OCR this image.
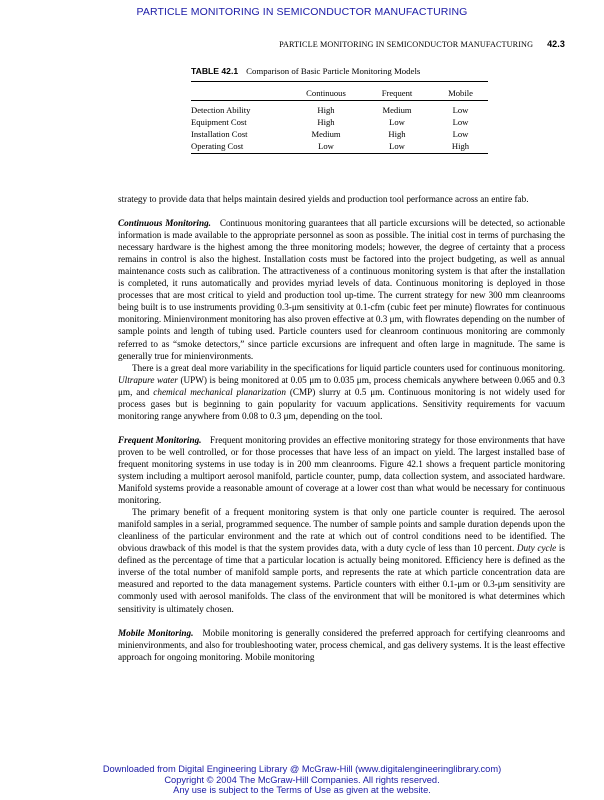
PARTICLE MONITORING IN SEMICONDUCTOR MANUFACTURING
PARTICLE MONITORING IN SEMICONDUCTOR MANUFACTURING 42.3
TABLE 42.1 Comparison of Basic Particle Monitoring Models
	Continuous	Frequent	Mobile
Detection Ability	High	Medium	Low
Equipment Cost	High	Low	Low
Installation Cost	Medium	High	Low
Operating Cost	Low	Low	High

strategy to provide data that helps maintain desired yields and production tool performance across an entire fab.

Continuous Monitoring. Continuous monitoring guarantees that all particle excursions will be detected, so actionable information is made available to the appropriate personnel as soon as possible. The initial cost in terms of purchasing the necessary hardware is the highest among the three monitoring models; however, the degree of certainty that a process remains in control is also the highest. Installation costs must be factored into the project budgeting, as well as annual maintenance costs such as calibration. The attractiveness of a continuous monitoring system is that after the installation is completed, it runs automatically and provides myriad levels of data. Continuous monitoring is deployed in those processes that are most critical to yield and production tool up-time. The current strategy for new 300 mm cleanrooms being built is to use instruments providing 0.3-μm sensitivity at 0.1-cfm (cubic feet per minute) flowrates for continuous monitoring. Minienvironment monitoring has also proven effective at 0.3 μm, with flowrates depending on the number of sample points and length of tubing used. Particle counters used for cleanroom continuous monitoring are commonly referred to as “smoke detectors,” since particle excursions are infrequent and often large in magnitude. The same is generally true for minienvironments.

There is a great deal more variability in the specifications for liquid particle counters used for continuous monitoring. Ultrapure water (UPW) is being monitored at 0.05 μm to 0.035 μm, process chemicals anywhere between 0.065 and 0.3 μm, and chemical mechanical planarization (CMP) slurry at 0.5 μm. Continuous monitoring is not widely used for process gases but is beginning to gain popularity for vacuum applications. Sensitivity requirements for vacuum monitoring range anywhere from 0.08 to 0.3 μm, depending on the tool.

Frequent Monitoring. Frequent monitoring provides an effective monitoring strategy for those environments that have proven to be well controlled, or for those processes that have less of an impact on yield. The largest installed base of frequent monitoring systems in use today is in 200 mm cleanrooms. Figure 42.1 shows a frequent particle monitoring system including a multiport aerosol manifold, particle counter, pump, data collection system, and associated hardware. Manifold systems provide a reasonable amount of coverage at a lower cost than what would be necessary for continuous monitoring.

The primary benefit of a frequent monitoring system is that only one particle counter is required. The aerosol manifold samples in a serial, programmed sequence. The number of sample points and sample duration depends upon the cleanliness of the particular environment and the rate at which out of control conditions need to be identified. The obvious drawback of this model is that the system provides data, with a duty cycle of less than 10 percent. Duty cycle is defined as the percentage of time that a particular location is actually being monitored. Efficiency here is defined as the inverse of the total number of manifold sample ports, and represents the rate at which particle concentration data are measured and reported to the data management systems. Particle counters with either 0.1-μm or 0.3-μm sensitivity are commonly used with aerosol manifolds. The class of the environment that will be monitored is what determines which sensitivity is ultimately chosen.

Mobile Monitoring. Mobile monitoring is generally considered the preferred approach for certifying cleanrooms and minienvironments, and also for troubleshooting water, process chemical, and gas delivery systems. It is the least effective approach for ongoing monitoring. Mobile monitoring

Downloaded from Digital Engineering Library @ McGraw-Hill (www.digitalengineeringlibrary.com)
Copyright © 2004 The McGraw-Hill Companies. All rights reserved.
Any use is subject to the Terms of Use as given at the website.
